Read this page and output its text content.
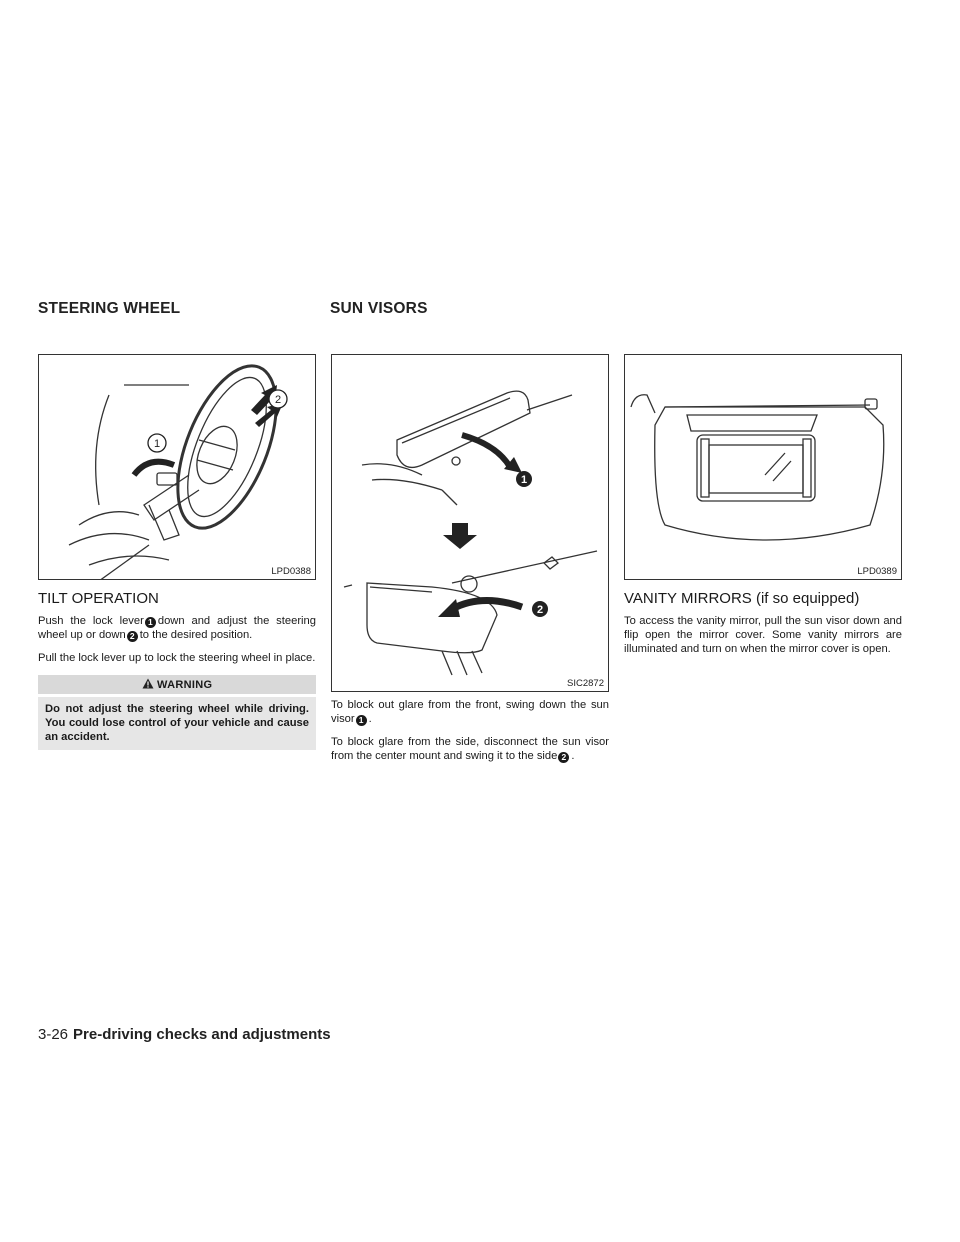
STEERING WHEEL	SUN VISORS
2
1
LPD0388
TILT OPERATION

Push the lock lever 1 down and adjust the steering wheel up or down 2 to the desired position.

Pull the lock lever up to lock the steering wheel in place.

WARNING
Do not adjust the steering wheel while driving. You could lose control of your vehicle and cause an accident.
1
2
SIC2872

To block out glare from the front, swing down the sun visor 1 .

To block glare from the side, disconnect the sun visor from the center mount and swing it to the side 2 .

LPD0389
VANITY MIRRORS (if so equipped)

To access the vanity mirror, pull the sun visor down and flip open the mirror cover. Some vanity mirrors are illuminated and turn on when the mirror cover is open.

3-26 Pre-driving checks and adjustments
